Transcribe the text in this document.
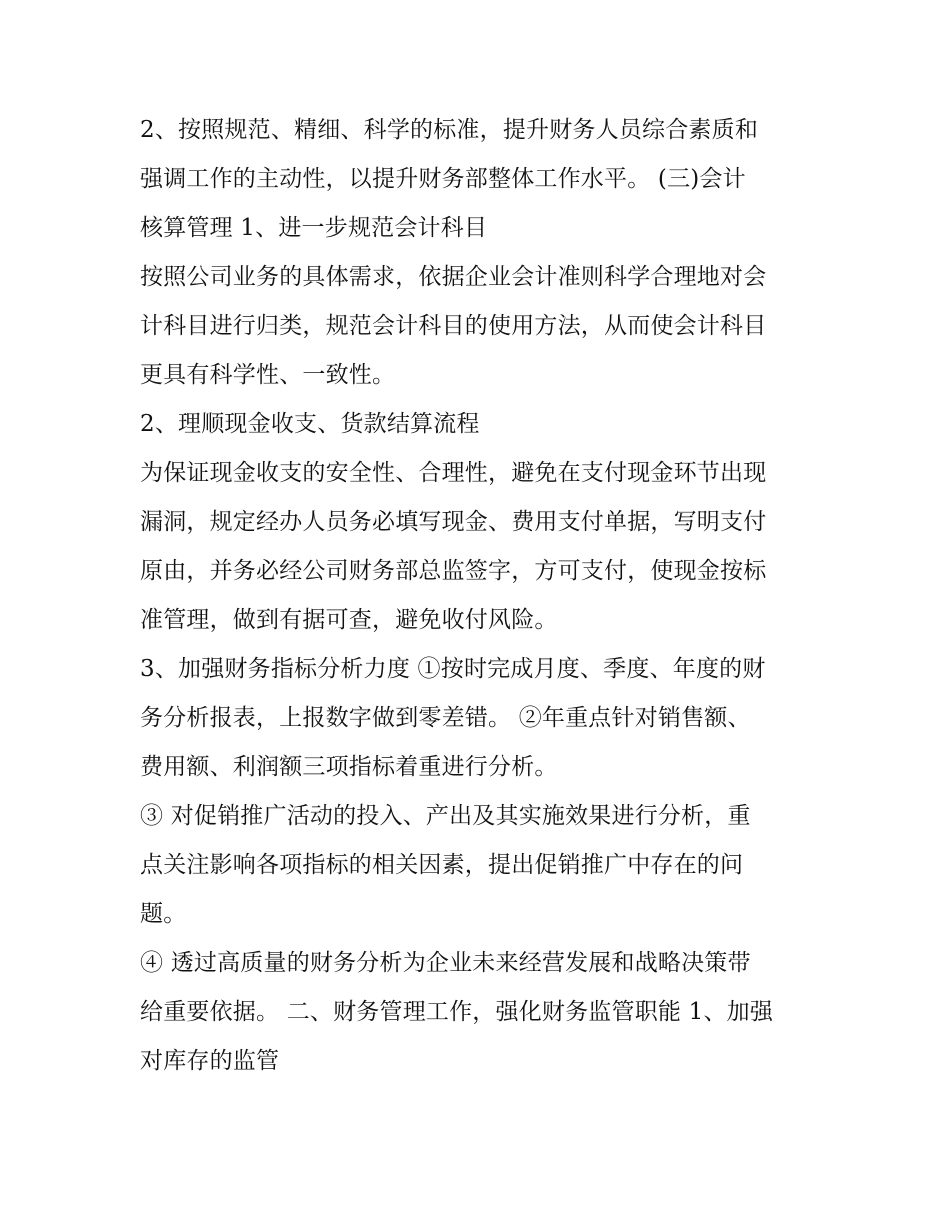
2、按照规范、精细、科学的标准，提升财务人员综合素质和
强调工作的主动性，以提升财务部整体工作水平。 (三)会计
核算管理 1、进一步规范会计科目
按照公司业务的具体需求，依据企业会计准则科学合理地对会
计科目进行归类，规范会计科目的使用方法，从而使会计科目
更具有科学性、一致性。
2、理顺现金收支、货款结算流程
为保证现金收支的安全性、合理性，避免在支付现金环节出现
漏洞，规定经办人员务必填写现金、费用支付单据，写明支付
原由，并务必经公司财务部总监签字，方可支付，使现金按标
准管理，做到有据可查，避免收付风险。
3、加强财务指标分析力度 ①按时完成月度、季度、年度的财
务分析报表，上报数字做到零差错。 ②年重点针对销售额、
费用额、利润额三项指标着重进行分析。
③ 对促销推广活动的投入、产出及其实施效果进行分析，重
点关注影响各项指标的相关因素，提出促销推广中存在的问
题。
④ 透过高质量的财务分析为企业未来经营发展和战略决策带
给重要依据。 二、财务管理工作，强化财务监管职能 1、加强
对库存的监管
